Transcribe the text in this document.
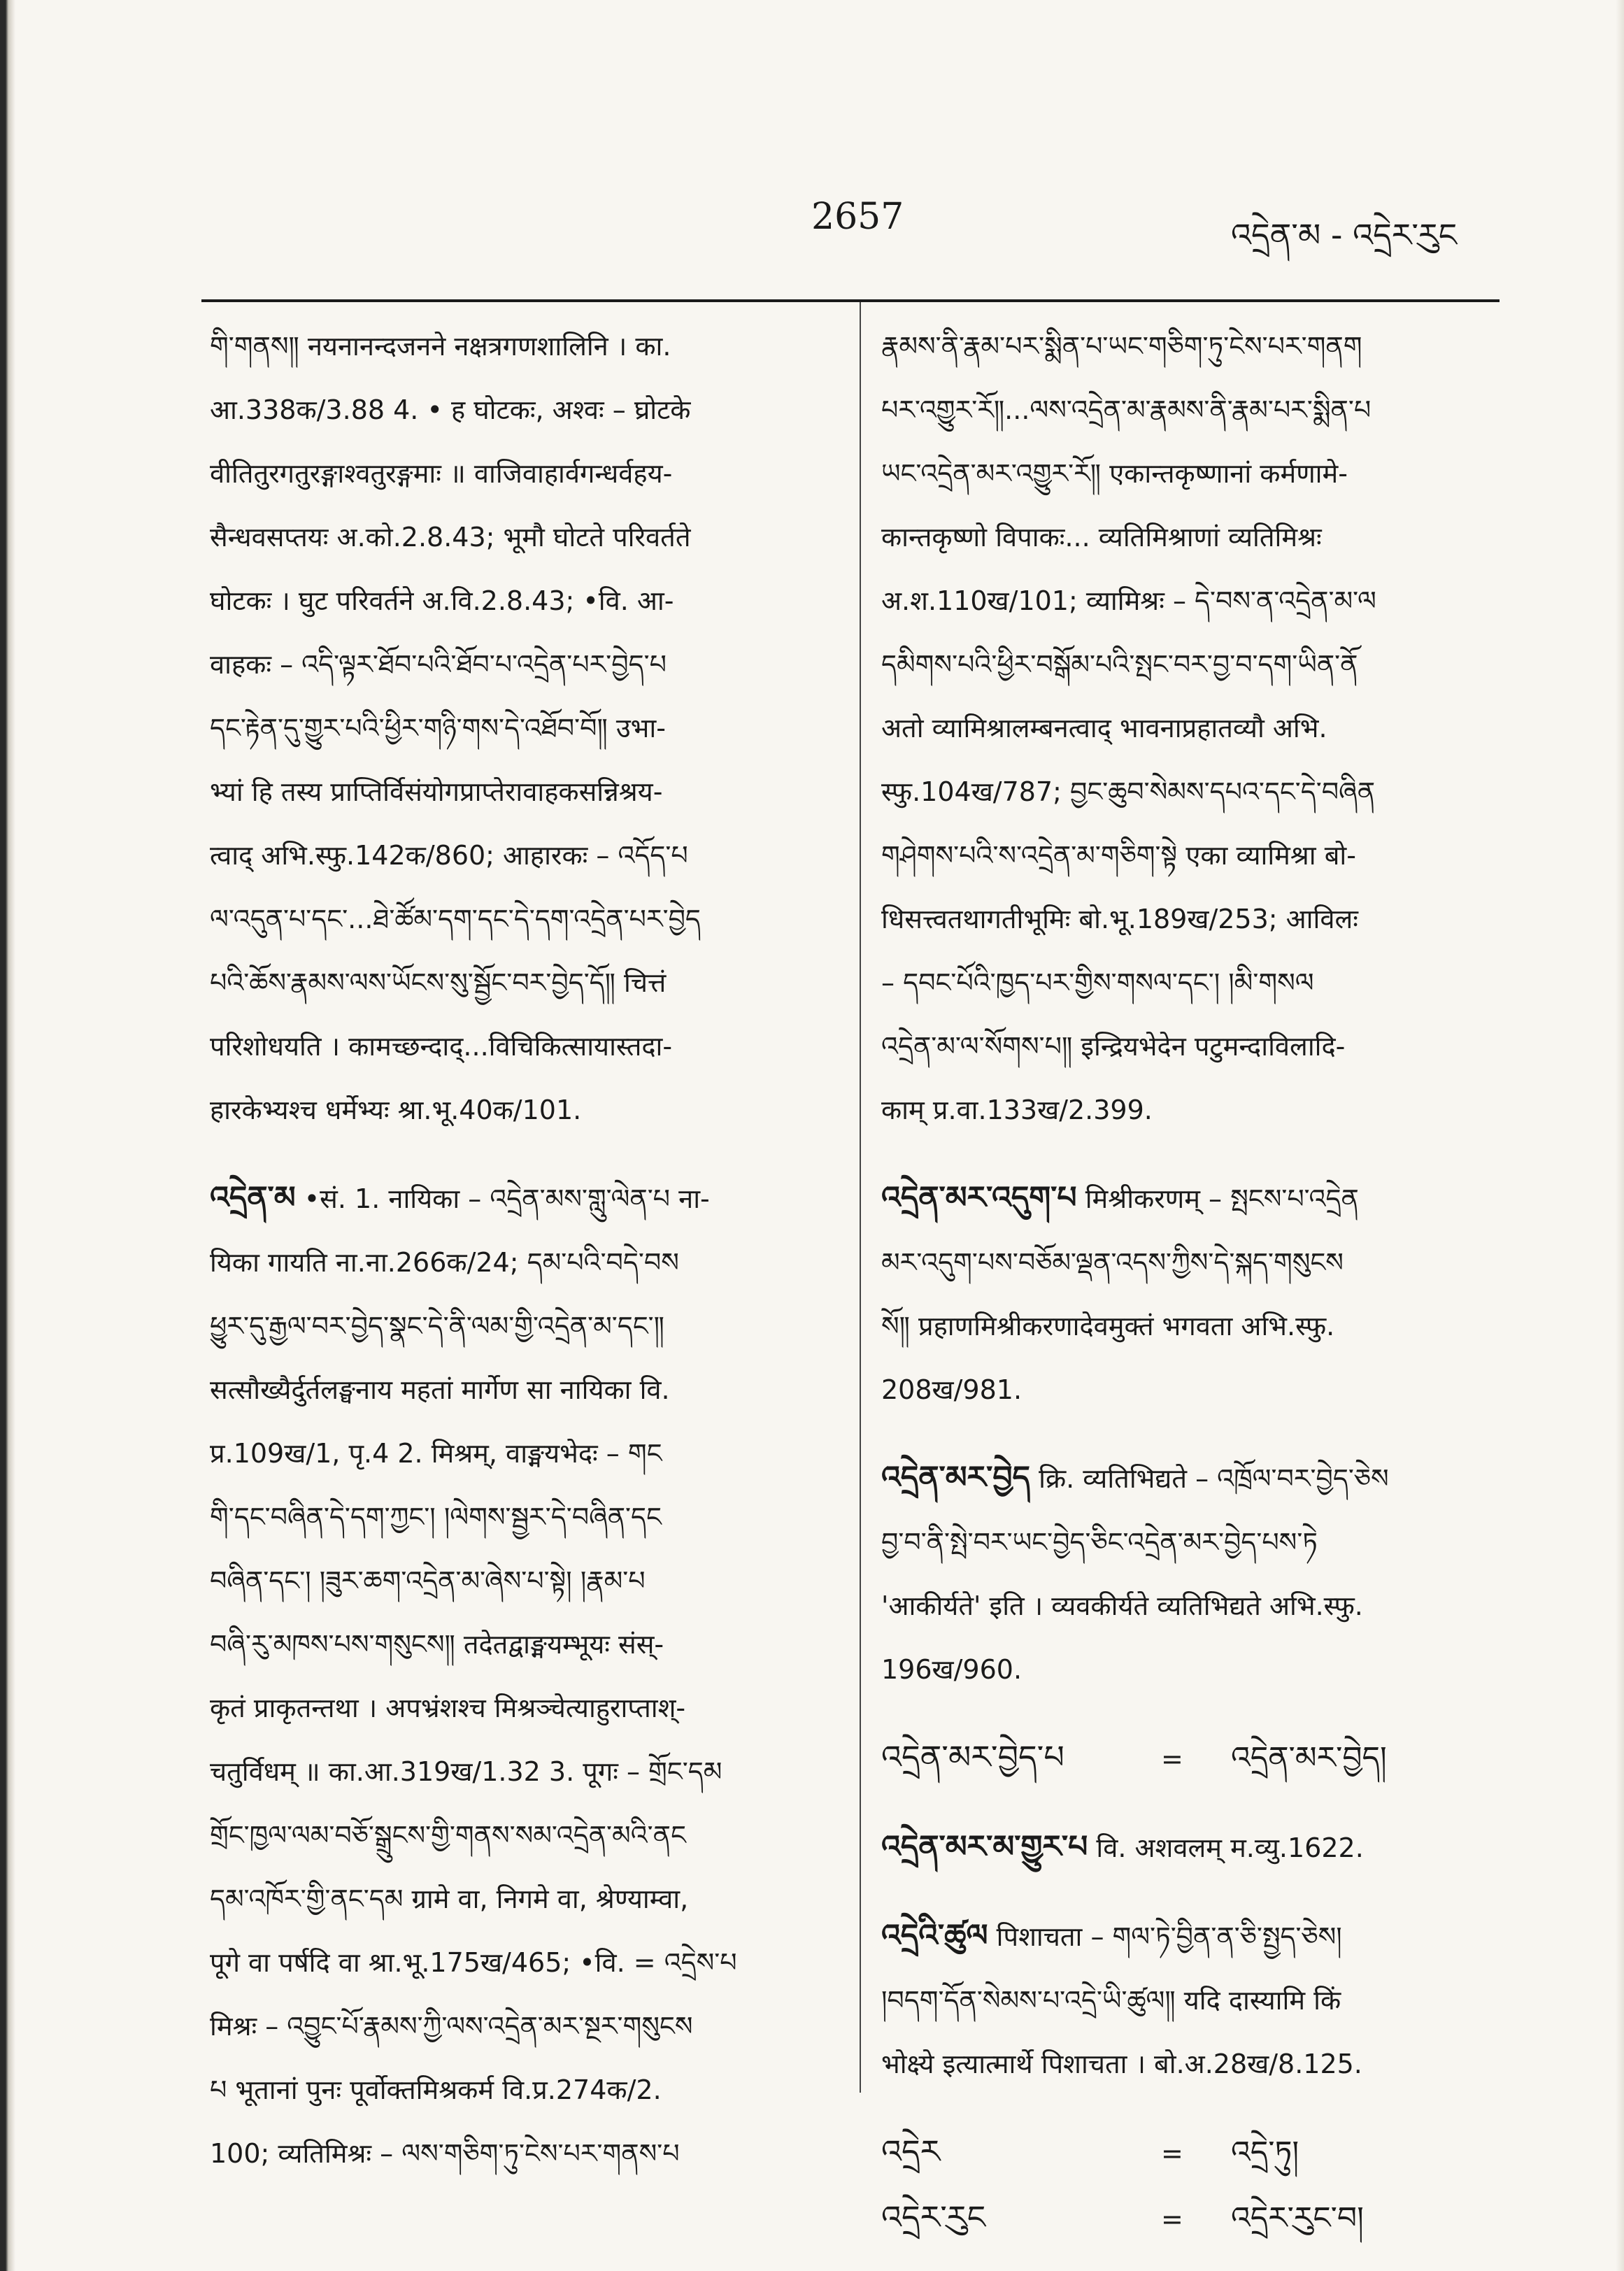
2657	འདྲེན་མ - འདྲེར་ཪུང
གི་གནས༎ नयनानन्दजनने नक्षत्रगणशालिनि । का.
आ.338क/3.88 4. • ह घोटकः, अश्वः – घ्रोटके
वीतितुरगतुरङ्गाश्वतुरङ्गमाः ॥ वाजिवाहार्वगन्धर्वहय-
सैन्धवसप्तयः अ.को.2.8.43; भूमौ घोटते परिवर्तते
घोटकः । घुट परिवर्तने अ.वि.2.8.43; •वि. आ-
वाहकः – འདི་ལྟར་ཐོབ་པའི་ཐོབ་པ་འདྲེན་པར་བྱེད་པ
དང་རྟེན་དུ་གྱུར་པའི་ཕྱིར་གཉི་གས་དེ་འཐོབ་བོ༎ उभा-
भ्यां हि तस्य प्राप्तिर्विसंयोगप्राप्तेरावाहकसन्निश्रय-
त्वाद् अभि.स्फु.142क/860; आहारकः – འདོད་པ
ལ་འདུན་པ་དང་...ཐེ་ཚོམ་དག་དང་དེ་དག་འདྲེན་པར་བྱེད
པའི་ཆོས་རྣམས་ལས་ཡོངས་སུ་སྦྱོང་བར་བྱེད་དོ༎ चित्तं
परिशोधयति । कामच्छन्दाद्...विचिकित्सायास्तदा-
हारकेभ्यश्च धर्मेभ्यः श्रा.भू.40क/101.
འདྲེན་མ •सं. 1. नायिका – འདྲེན་མས་གླུ་ལེན་པ ना-
यिका गायति ना.ना.266क/24; དམ་པའི་བདེ་བས
ཕྱུར་དུ་རྒྱལ་བར་བྱེད་སྣང་དེ་ནི་ལམ་གྱི་འདྲེན་མ་དང་༎
सत्सौख्यैर्दुर्तलङ्घनाय महतां मार्गेण सा नायिका वि.
प्र.109ख/1, पृ.4 2. मिश्रम्, वाङ्मयभेदः – གང
གི་དང་བཞིན་དེ་དག་ཀྱང་། །ལེགས་སྦྱར་དེ་བཞིན་དང
བཞིན་དང་། །ཟུར་ཆག་འདྲེན་མ་ཞེས་པ་སྟེ། །རྣམ་པ
བཞི་རུ་མཁས་པས་གསུངས༎ तदेतद्वाङ्मयम्भूयः संस्-
कृतं प्राकृतन्तथा । अपभ्रंशश्च मिश्रञ्चेत्याहुराप्ताश्-
चतुर्विधम् ॥ का.आ.319ख/1.32 3. पूगः – གྲོང་དམ
གྲོང་ཁྱལ་ལམ་བཅོ་སྒྲུངས་གྱི་གནས་སམ་འདྲེན་མའི་ནང
དམ་འཁོར་གྱི་ནང་དམ ग्रामे वा, निगमे वा, श्रेण्याम्वा,
पूगे वा पर्षदि वा श्रा.भू.175ख/465; •वि. = འདྲེས་པ
मिश्रः – འབྱུང་པོ་རྣམས་ཀྱི་ལས་འདྲེན་མར་སྔར་གསུངས
པ भूतानां पुनः पूर्वोक्तमिश्रकर्म वि.प्र.274क/2.
100; व्यतिमिश्रः – ལས་གཅིག་ཏུ་ངེས་པར་གནས་པ
རྣམས་ནི་རྣམ་པར་སྨིན་པ་ཡང་གཅིག་ཏུ་ངེས་པར་གནག
པར་འགྱུར་རོ༎...ལས་འདྲེན་མ་རྣམས་ནི་རྣམ་པར་སྨིན་པ
ཡང་འདྲེན་མར་འགྱུར་རོ༎ एकान्तकृष्णानां कर्मणामे-
कान्तकृष्णो विपाकः... व्यतिमिश्राणां व्यतिमिश्रः
अ.श.110ख/101; व्यामिश्रः – དེ་བས་ན་འདྲེན་མ་ལ
དམིགས་པའི་ཕྱིར་བསྒོམ་པའི་སྤང་བར་བྱ་བ་དག་ཡིན་ནོ
अतो व्यामिश्रालम्बनत्वाद् भावनाप्रहातव्यौ अभि.
स्फु.104ख/787; བྱང་ཆུབ་སེམས་དཔའ་དང་དེ་བཞིན
གཤེགས་པའི་ས་འདྲེན་མ་གཅིག་སྟེ एका व्यामिश्रा बो-
धिसत्त्वतथागतीभूमिः बो.भू.189ख/253; आविलः
– དབང་པོའི་ཁྱད་པར་གྱིས་གསལ་དང་། །མི་གསལ
འདྲེན་མ་ལ་སོགས་པ༎ इन्द्रियभेदेन पटुमन्दाविलादि-
काम् प्र.वा.133ख/2.399.
འདྲེན་མར་འདུག་པ मिश्रीकरणम् – སྤངས་པ་འདྲེན
མར་འདུག་པས་བཅོམ་ལྡན་འདས་ཀྱིས་དེ་སྐད་གསུངས
སོ༎ प्रहाणमिश्रीकरणादेवमुक्तं भगवता अभि.स्फु.
208ख/981.
འདྲེན་མར་བྱེད क्रि. व्यतिभिद्यते – འཁྲོལ་བར་བྱེད་ཅེས
བྱ་བ་ནི་སྤེ་བར་ཡང་བྱེད་ཅིང་འདྲེན་མར་བྱེད་པས་ཏེ
'आकीर्यते' इति । व्यवकीर्यते व्यतिभिद्यते अभि.स्फु.
196ख/960.
འདྲེན་མར་བྱེད་པ	=	འདྲེན་མར་བྱེད།
འདྲེན་མར་མ་གྱུར་པ वि. अशवलम् म.व्यु.1622.
འདྲེའི་ཚུལ पिशाचता – གལ་ཏེ་བྱིན་ན་ཅི་སྤྱད་ཅེས།
།བདག་དོན་སེམས་པ་འདྲེ་ཡི་ཚུལ༎ यदि दास्यामि किं
भोक्ष्ये इत्यात्मार्थे पिशाचता । बो.अ.28ख/8.125.
འདྲེར	=	འདྲེ་ཏུ།
འདྲེར་ཪུང	=	འདྲེར་ཪུང་བ།
